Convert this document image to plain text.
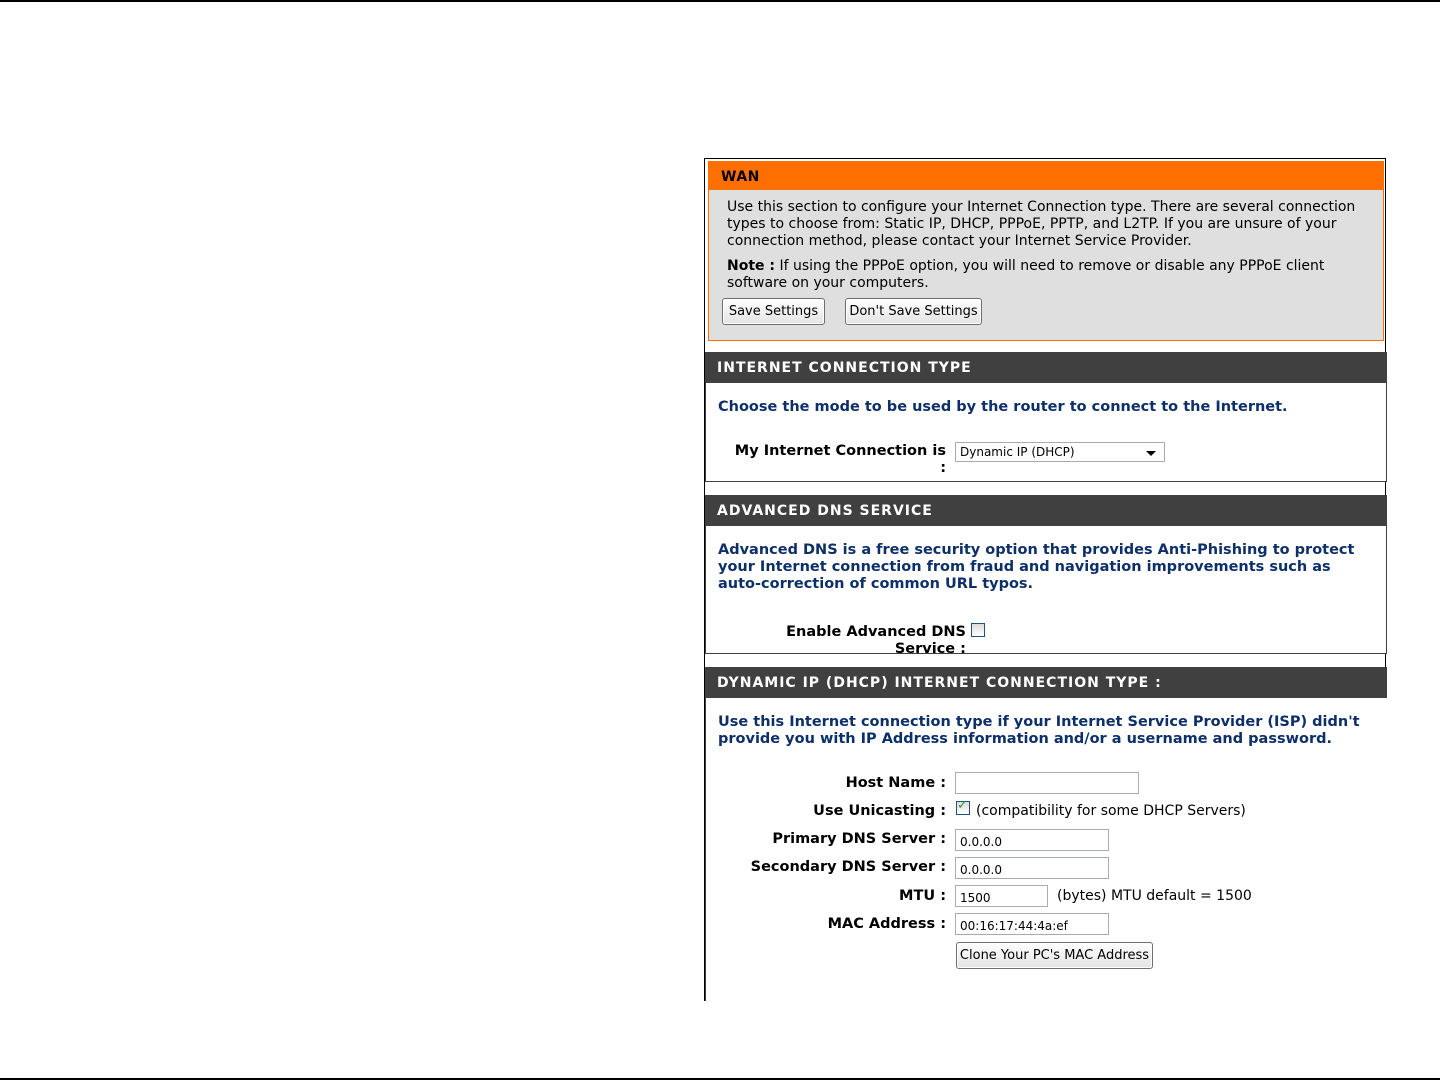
WAN
Use this section to configure your Internet Connection type. There are several connection types to choose from: Static IP, DHCP, PPPoE, PPTP, and L2TP. If you are unsure of your connection method, please contact your Internet Service Provider.
Note : If using the PPPoE option, you will need to remove or disable any PPPoE client software on your computers.
Save Settings	Don't Save Settings
INTERNET CONNECTION TYPE
Choose the mode to be used by the router to connect to the Internet.
My Internet Connection is :
Dynamic IP (DHCP)
ADVANCED DNS SERVICE
Advanced DNS is a free security option that provides Anti-Phishing to protect your Internet connection from fraud and navigation improvements such as auto-correction of common URL typos.
Enable Advanced DNS Service :
DYNAMIC IP (DHCP) INTERNET CONNECTION TYPE :
Use this Internet connection type if your Internet Service Provider (ISP) didn't provide you with IP Address information and/or a username and password.
Host Name :
Use Unicasting : ✓ (compatibility for some DHCP Servers)
Primary DNS Server :
0.0.0.0
Secondary DNS Server :
0.0.0.0
MTU :
1500	(bytes) MTU default = 1500
MAC Address :
00:16:17:44:4a:ef
Clone Your PC's MAC Address
